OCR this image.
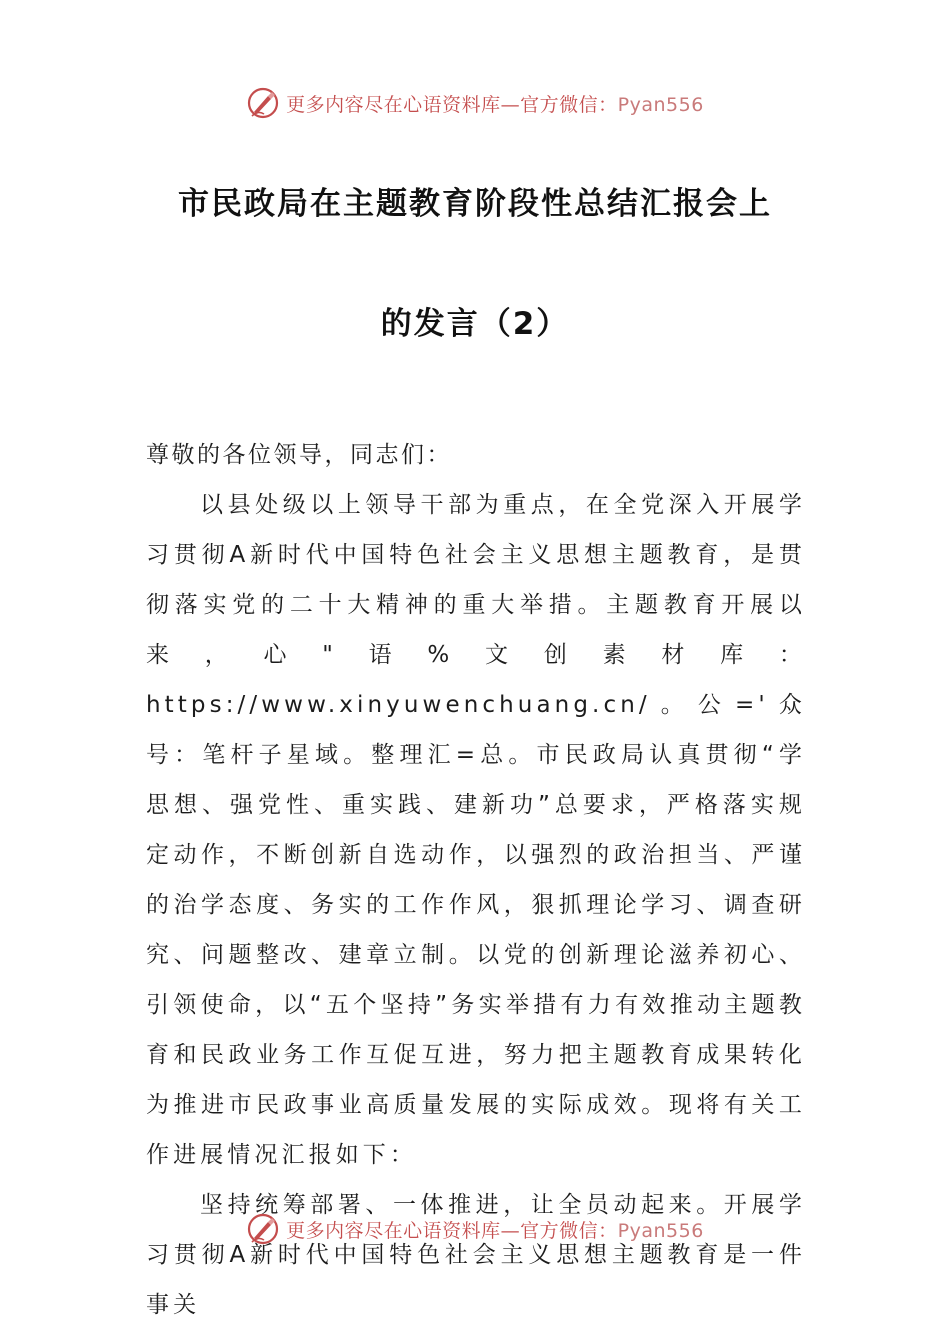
更多内容尽在心语资料库—官方微信：Pyan556
市民政局在主题教育阶段性总结汇报会上
的发言（2）

尊敬的各位领导，同志们：

以县处级以上领导干部为重点，在全党深入开展学习贯彻A新时代中国特色社会主义思想主题教育，是贯彻落实党的二十大精神的重大举措。主题教育开展以来，心"语%文创素材库：https://www.xinyuwenchuang.cn/。公='众号：笔杆子星域。整理汇=总。市民政局认真贯彻“学思想、强党性、重实践、建新功”总要求，严格落实规定动作，不断创新自选动作，以强烈的政治担当、严谨的治学态度、务实的工作作风，狠抓理论学习、调查研究、问题整改、建章立制。以党的创新理论滋养初心、引领使命，以“五个坚持”务实举措有力有效推动主题教育和民政业务工作互促互进，努力把主题教育成果转化为推进市民政事业高质量发展的实际成效。现将有关工作进展情况汇报如下：

坚持统筹部署、一体推进，让全员动起来。开展学习贯彻A新时代中国特色社会主义思想主题教育是一件事关

更多内容尽在心语资料库—官方微信：Pyan556
